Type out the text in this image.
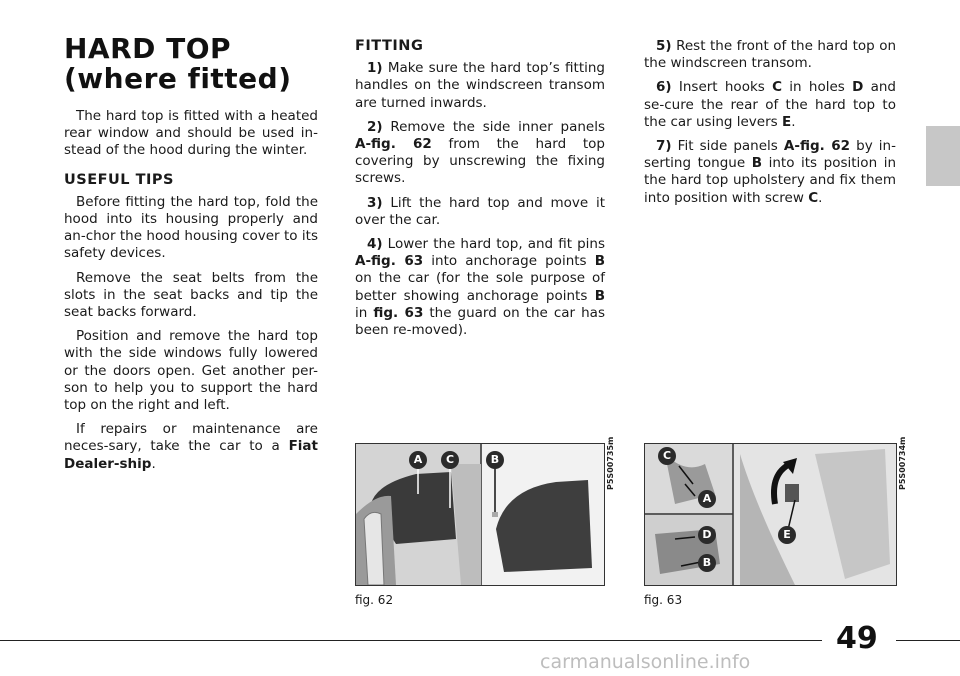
HARD TOP
(where fitted)

The hard top is fitted with a heated rear window and should be used in-stead of the hood during the winter.

USEFUL TIPS

Before fitting the hard top, fold the hood into its housing properly and an-chor the hood housing cover to its safety devices.

Remove the seat belts from the slots in the seat backs and tip the seat backs forward.

Position and remove the hard top with the side windows fully lowered or the doors open. Get another per-son to help you to support the hard top on the right and left.

If repairs or maintenance are neces-sary, take the car to a Fiat Dealer-ship.

FITTING

1) Make sure the hard top’s fitting handles on the windscreen transom are turned inwards.

2) Remove the side inner panels A-fig. 62 from the hard top covering by unscrewing the fixing screws.

3) Lift the hard top and move it over the car.

4) Lower the hard top, and fit pins A-fig. 63 into anchorage points B on the car (for the sole purpose of better showing anchorage points B in fig. 63 the guard on the car has been re-moved).

5) Rest the front of the hard top on the windscreen transom.

6) Insert hooks C in holes D and se-cure the rear of the hard top to the car using levers E.

7) Fit side panels A-fig. 62 by in-serting tongue B into its position in the hard top upholstery and fix them into position with screw C.

A	C	B	P5S00735m
fig. 62
C
A
D
B
E
P5S00734m
fig. 63
49
carmanualsonline.info
